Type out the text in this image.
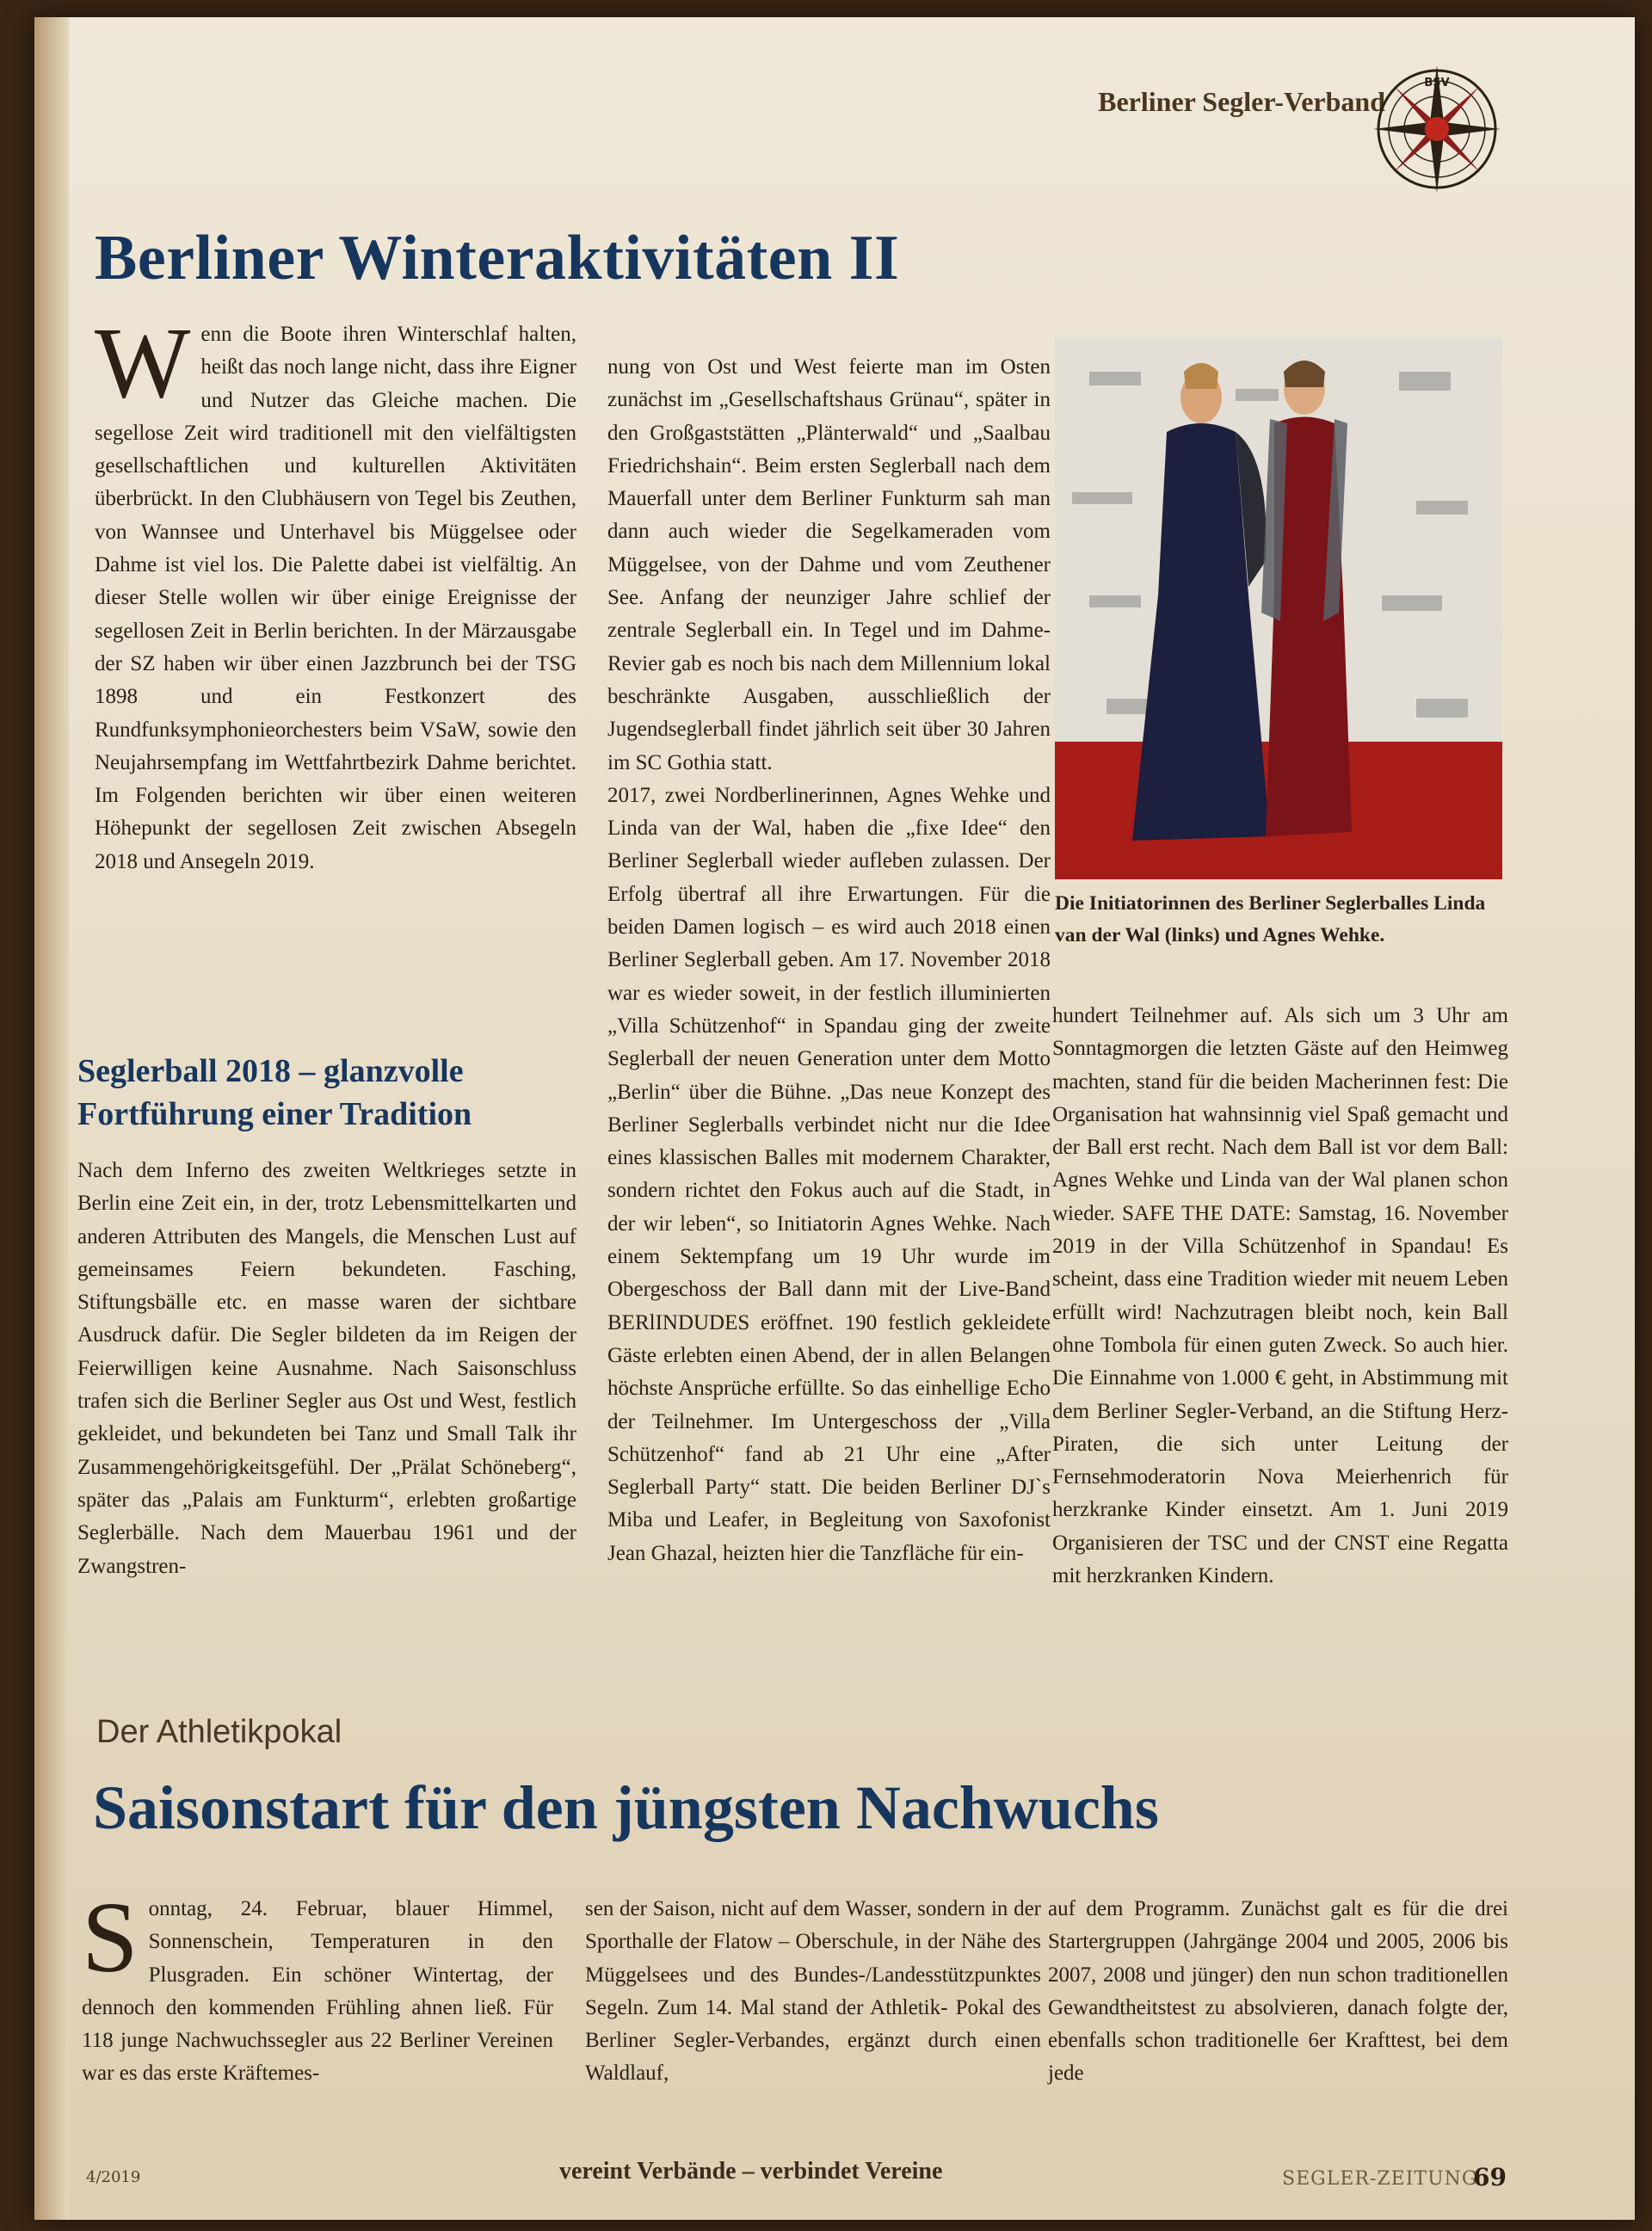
Berliner Segler-Verband
BSV
Berliner Winteraktivitäten II
W enn die Boote ihren Winterschlaf halten, heißt das noch lange nicht, dass ihre Eigner und Nutzer das Gleiche machen. Die segellose Zeit wird traditionell mit den vielfältigsten gesellschaftlichen und kulturellen Aktivitäten überbrückt. In den Clubhäusern von Tegel bis Zeuthen, von Wannsee und Unterhavel bis Müggelsee oder Dahme ist viel los. Die Palette dabei ist vielfältig. An dieser Stelle wollen wir über einige Ereignisse der segellosen Zeit in Berlin berichten. In der Märzausgabe der SZ haben wir über einen Jazzbrunch bei der TSG 1898 und ein Festkonzert des Rundfunksymphonieorchesters beim VSaW, sowie den Neujahrsempfang im Wettfahrtbezirk Dahme berichtet. Im Folgenden berichten wir über einen weiteren Höhepunkt der segellosen Zeit zwischen Absegeln 2018 und Ansegeln 2019.

Seglerball 2018 – glanzvolle Fortführung einer Tradition

Nach dem Inferno des zweiten Weltkrieges setzte in Berlin eine Zeit ein, in der, trotz Lebensmittelkarten und anderen Attributen des Mangels, die Menschen Lust auf gemeinsames Feiern bekundeten. Fasching, Stiftungsbälle etc. en masse waren der sichtbare Ausdruck dafür. Die Segler bildeten da im Reigen der Feierwilligen keine Ausnahme. Nach Saisonschluss trafen sich die Berliner Segler aus Ost und West, festlich gekleidet, und bekundeten bei Tanz und Small Talk ihr Zusammengehörigkeitsgefühl. Der „Prälat Schöneberg“, später das „Palais am Funkturm“, erlebten großartige Seglerbälle. Nach dem Mauerbau 1961 und der Zwangstren-

nung von Ost und West feierte man im Osten zunächst im „Gesellschaftshaus Grünau“, später in den Großgaststätten „Plänterwald“ und „Saalbau Friedrichshain“. Beim ersten Seglerball nach dem Mauerfall unter dem Berliner Funkturm sah man dann auch wieder die Segelkameraden vom Müggelsee, von der Dahme und vom Zeuthener See. Anfang der neunziger Jahre schlief der zentrale Seglerball ein. In Tegel und im Dahme-Revier gab es noch bis nach dem Millennium lokal beschränkte Ausgaben, ausschließlich der Jugendseglerball findet jährlich seit über 30 Jahren im SC Gothia statt.

2017, zwei Nordberlinerinnen, Agnes Wehke und Linda van der Wal, haben die „fixe Idee“ den Berliner Seglerball wieder aufleben zulassen. Der Erfolg übertraf all ihre Erwartungen. Für die beiden Damen logisch – es wird auch 2018 einen Berliner Seglerball geben. Am 17. November 2018 war es wieder soweit, in der festlich illuminierten „Villa Schützenhof“ in Spandau ging der zweite Seglerball der neuen Generation unter dem Motto „Berlin“ über die Bühne. „Das neue Konzept des Berliner Seglerballs verbindet nicht nur die Idee eines klassischen Balles mit modernem Charakter, sondern richtet den Fokus auch auf die Stadt, in der wir leben“, so Initiatorin Agnes Wehke. Nach einem Sektempfang um 19 Uhr wurde im Obergeschoss der Ball dann mit der Live-Band BERlINDUDES eröffnet. 190 festlich gekleidete Gäste erlebten einen Abend, der in allen Belangen höchste Ansprüche erfüllte. So das einhellige Echo der Teilnehmer. Im Untergeschoss der „Villa Schützenhof“ fand ab 21 Uhr eine „After Seglerball Party“ statt. Die beiden Berliner DJ`s Miba und Leafer, in Begleitung von Saxofonist Jean Ghazal, heizten hier die Tanzfläche für ein-

Die Initiatorinnen des Berliner Seglerballes Linda van der Wal (links) und Agnes Wehke.

hundert Teilnehmer auf. Als sich um 3 Uhr am Sonntagmorgen die letzten Gäste auf den Heimweg machten, stand für die beiden Macherinnen fest: Die Organisation hat wahnsinnig viel Spaß gemacht und der Ball erst recht. Nach dem Ball ist vor dem Ball: Agnes Wehke und Linda van der Wal planen schon wieder. SAFE THE DATE: Samstag, 16. November 2019 in der Villa Schützenhof in Spandau! Es scheint, dass eine Tradition wieder mit neuem Leben erfüllt wird! Nachzutragen bleibt noch, kein Ball ohne Tombola für einen guten Zweck. So auch hier. Die Einnahme von 1.000 € geht, in Abstimmung mit dem Berliner Segler-Verband, an die Stiftung Herz-Piraten, die sich unter Leitung der Fernsehmoderatorin Nova Meierhenrich für herzkranke Kinder einsetzt. Am 1. Juni 2019 Organisieren der TSC und der CNST eine Regatta mit herzkranken Kindern.

Der Athletikpokal
Saisonstart für den jüngsten Nachwuchs
S onntag, 24. Februar, blauer Himmel, Sonnenschein, Temperaturen in den Plusgraden. Ein schöner Wintertag, der dennoch den kommenden Frühling ahnen ließ. Für 118 junge Nachwuchssegler aus 22 Berliner Vereinen war es das erste Kräftemes-

sen der Saison, nicht auf dem Wasser, sondern in der Sporthalle der Flatow – Oberschule, in der Nähe des Müggelsees und des Bundes-/Landesstützpunktes Segeln. Zum 14. Mal stand der Athletik- Pokal des Berliner Segler-Verbandes, ergänzt durch einen Waldlauf,

auf dem Programm. Zunächst galt es für die drei Startergruppen (Jahrgänge 2004 und 2005, 2006 bis 2007, 2008 und jünger) den nun schon traditionellen Gewandtheitstest zu absolvieren, danach folgte der, ebenfalls schon traditionelle 6er Krafttest, bei dem jede

4/2019	vereint Verbände – verbindet Vereine	SEGLER-ZEITUNG
69
